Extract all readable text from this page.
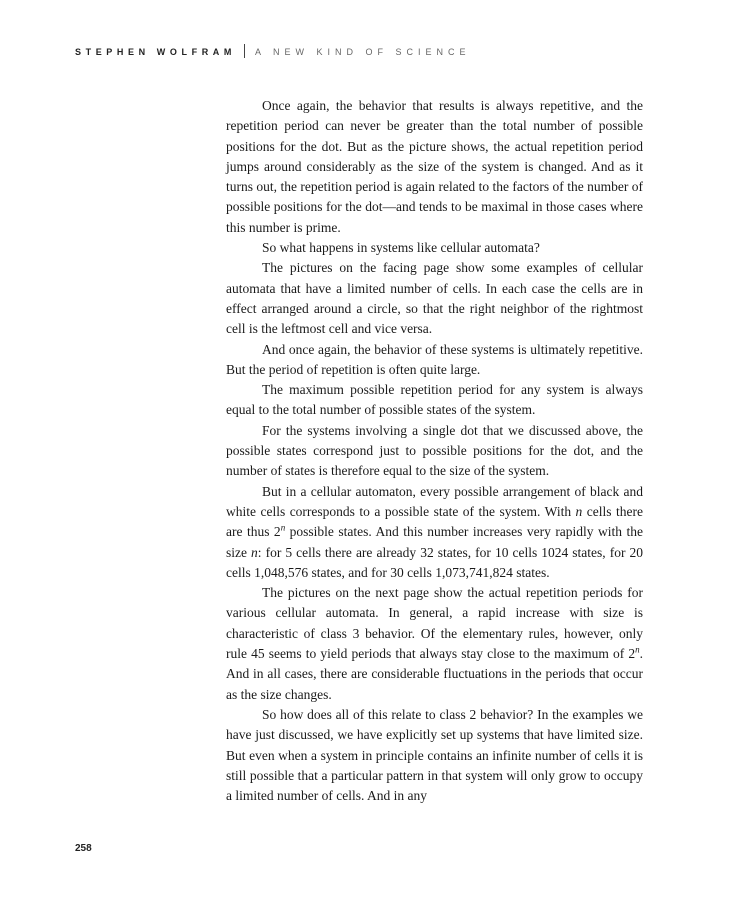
STEPHEN WOLFRAM A NEW KIND OF SCIENCE

Once again, the behavior that results is always repetitive, and the repetition period can never be greater than the total number of possible positions for the dot. But as the picture shows, the actual repetition period jumps around considerably as the size of the system is changed. And as it turns out, the repetition period is again related to the factors of the number of possible positions for the dot—and tends to be maximal in those cases where this number is prime.

So what happens in systems like cellular automata?

The pictures on the facing page show some examples of cellular automata that have a limited number of cells. In each case the cells are in effect arranged around a circle, so that the right neighbor of the rightmost cell is the leftmost cell and vice versa.

And once again, the behavior of these systems is ultimately repetitive. But the period of repetition is often quite large.

The maximum possible repetition period for any system is always equal to the total number of possible states of the system.

For the systems involving a single dot that we discussed above, the possible states correspond just to possible positions for the dot, and the number of states is therefore equal to the size of the system.

But in a cellular automaton, every possible arrangement of black and white cells corresponds to a possible state of the system. With n cells there are thus 2$^n$ possible states. And this number increases very rapidly with the size n: for 5 cells there are already 32 states, for 10 cells 1024 states, for 20 cells 1,048,576 states, and for 30 cells 1,073,741,824 states.

The pictures on the next page show the actual repetition periods for various cellular automata. In general, a rapid increase with size is characteristic of class 3 behavior. Of the elementary rules, however, only rule 45 seems to yield periods that always stay close to the maximum of 2$^n$. And in all cases, there are considerable fluctuations in the periods that occur as the size changes.

So how does all of this relate to class 2 behavior? In the examples we have just discussed, we have explicitly set up systems that have limited size. But even when a system in principle contains an infinite number of cells it is still possible that a particular pattern in that system will only grow to occupy a limited number of cells. And in any

258
